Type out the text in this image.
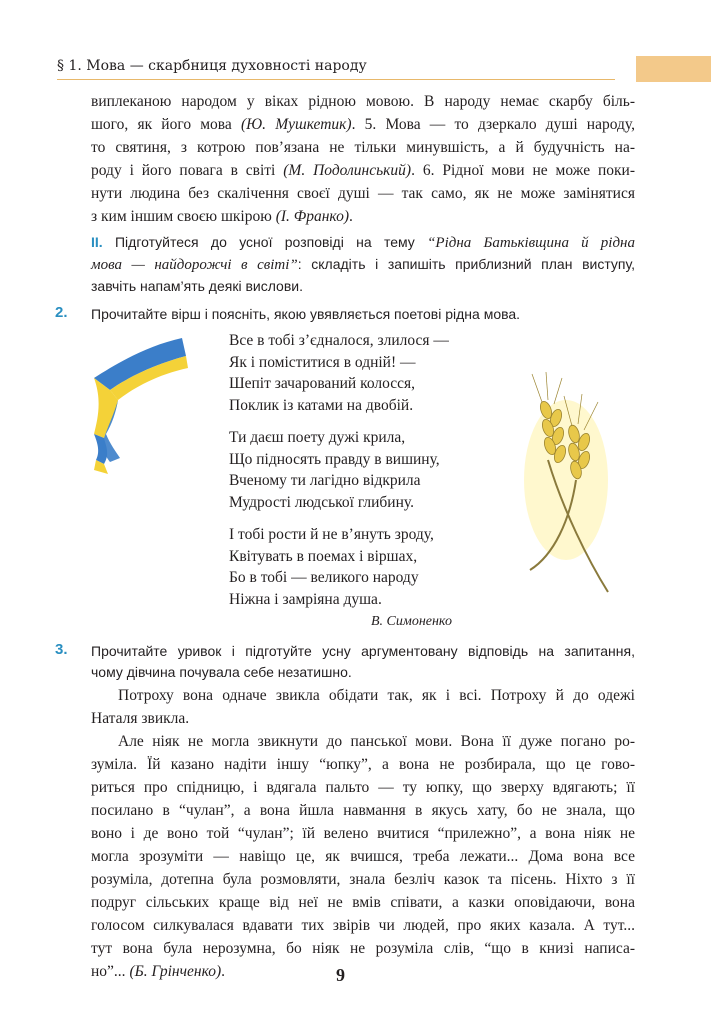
§ 1. Мова — скарбниця духовності народу
виплеканою народом у віках рідною мовою. В народу немає скарбу біль-
шого, як його мова (Ю. Мушкетик). 5. Мова — то дзеркало душі народу,
то святиня, з котрою пов’язана не тільки минувшість, а й будучність на-
роду і його повага в світі (М. Подолинський). 6. Рідної мови не може поки-
нути людина без скалічення своєї душі — так само, як не може замінятися
з ким іншим своєю шкірою (І. Франко).
II. Підготуйтеся до усної розповіді на тему “Рідна Батьківщина й рідна
мова — найдорожчі в світі”: складіть і запишіть приблизний план виступу,
завчіть напам’ять деякі вислови.
2. Прочитайте вірш і поясніть, якою увявляється поетові рідна мова.
Все в тобі з’єдналося, злилося —
Як і поміститися в одній! —
Шепіт зачарований колосся,
Поклик із катами на двобій.
Ти даєш поету дужі крила,
Що підносять правду в вишину,
Вченому ти лагідно відкрила
Мудрості людської глибину.
І тобі рости й не в’януть зроду,
Квітувать в поемах і віршах,
Бо в тобі — великого народу
Ніжна і замріяна душа.
В. Симоненко
3. Прочитайте уривок і підготуйте усну аргументовану відповідь на запитання,
чому дівчина почувала себе незатишно.
Потроху вона одначе звикла обідати так, як і всі. Потроху й до одежі
Наталя звикла.
Але ніяк не могла звикнути до панської мови. Вона її дуже погано ро-
зуміла. Їй казано надіти іншу “юпку”, а вона не розбирала, що це гово-
риться про спідницю, і вдягала пальто — ту юпку, що зверху вдягають; її
посилано в “чулан”, а вона йшла навмання в якусь хату, бо не знала, що
воно і де воно той “чулан”; їй велено вчитися “прилежно”, а вона ніяк не
могла зрозуміти — навіщо це, як вчишся, треба лежати... Дома вона все
розуміла, дотепна була розмовляти, знала безліч казок та пісень. Ніхто з її
подруг сільських краще від неї не вмів співати, а казки оповідаючи, вона
голосом силкувалася вдавати тих звірів чи людей, про яких казала. А тут...
тут вона була нерозумна, бо ніяк не розуміла слів, “що в книзі написа-
но”... (Б. Грінченко).	9
